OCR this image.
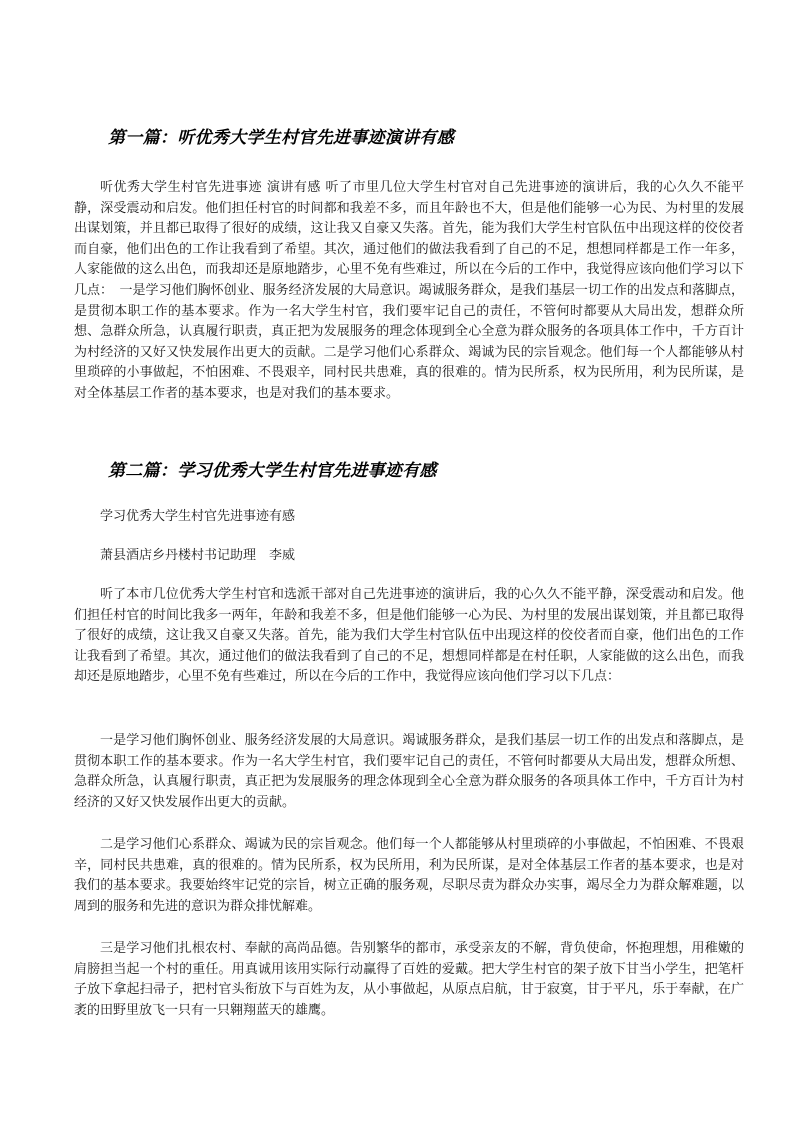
第一篇：听优秀大学生村官先进事迹演讲有感

听优秀大学生村官先进事迹 演讲有感 听了市里几位大学生村官对自己先进事迹的演讲后，我的心久久不能平静，深受震动和启发。他们担任村官的时间都和我差不多，而且年龄也不大，但是他们能够一心为民、为村里的发展出谋划策，并且都已取得了很好的成绩，这让我又自豪又失落。首先，能为我们大学生村官队伍中出现这样的佼佼者而自豪，他们出色的工作让我看到了希望。其次，通过他们的做法我看到了自己的不足，想想同样都是工作一年多，人家能做的这么出色，而我却还是原地踏步，心里不免有些难过，所以在今后的工作中，我觉得应该向他们学习以下几点：　一是学习他们胸怀创业、服务经济发展的大局意识。竭诚服务群众，是我们基层一切工作的出发点和落脚点，是贯彻本职工作的基本要求。作为一名大学生村官，我们要牢记自己的责任，不管何时都要从大局出发，想群众所想、急群众所急，认真履行职责，真正把为发展服务的理念体现到全心全意为群众服务的各项具体工作中，千方百计为村经济的又好又快发展作出更大的贡献。二是学习他们心系群众、竭诚为民的宗旨观念。他们每一个人都能够从村里琐碎的小事做起，不怕困难、不畏艰辛，同村民共患难，真的很难的。情为民所系，权为民所用，利为民所谋，是对全体基层工作者的基本要求，也是对我们的基本要求。

第二篇：学习优秀大学生村官先进事迹有感

学习优秀大学生村官先进事迹有感

萧县酒店乡丹楼村书记助理　李威

听了本市几位优秀大学生村官和选派干部对自己先进事迹的演讲后，我的心久久不能平静，深受震动和启发。他们担任村官的时间比我多一两年，年龄和我差不多，但是他们能够一心为民、为村里的发展出谋划策，并且都已取得了很好的成绩，这让我又自豪又失落。首先，能为我们大学生村官队伍中出现这样的佼佼者而自豪，他们出色的工作让我看到了希望。其次，通过他们的做法我看到了自己的不足，想想同样都是在村任职，人家能做的这么出色，而我却还是原地踏步，心里不免有些难过，所以在今后的工作中，我觉得应该向他们学习以下几点：

一是学习他们胸怀创业、服务经济发展的大局意识。竭诚服务群众，是我们基层一切工作的出发点和落脚点，是贯彻本职工作的基本要求。作为一名大学生村官，我们要牢记自己的责任，不管何时都要从大局出发，想群众所想、急群众所急，认真履行职责，真正把为发展服务的理念体现到全心全意为群众服务的各项具体工作中，千方百计为村经济的又好又快发展作出更大的贡献。

二是学习他们心系群众、竭诚为民的宗旨观念。他们每一个人都能够从村里琐碎的小事做起，不怕困难、不畏艰辛，同村民共患难，真的很难的。情为民所系，权为民所用，利为民所谋，是对全体基层工作者的基本要求，也是对我们的基本要求。我要始终牢记党的宗旨，树立正确的服务观，尽职尽责为群众办实事，竭尽全力为群众解难题，以周到的服务和先进的意识为群众排忧解难。

三是学习他们扎根农村、奉献的高尚品德。告别繁华的都市，承受亲友的不解，背负使命，怀抱理想，用稚嫩的肩膀担当起一个村的重任。用真诚用该用实际行动赢得了百姓的爱戴。把大学生村官的架子放下甘当小学生，把笔杆子放下拿起扫帚子，把村官头衔放下与百姓为友，从小事做起，从原点启航，甘于寂寞，甘于平凡，乐于奉献，在广袤的田野里放飞一只有一只翱翔蓝天的雄鹰。
